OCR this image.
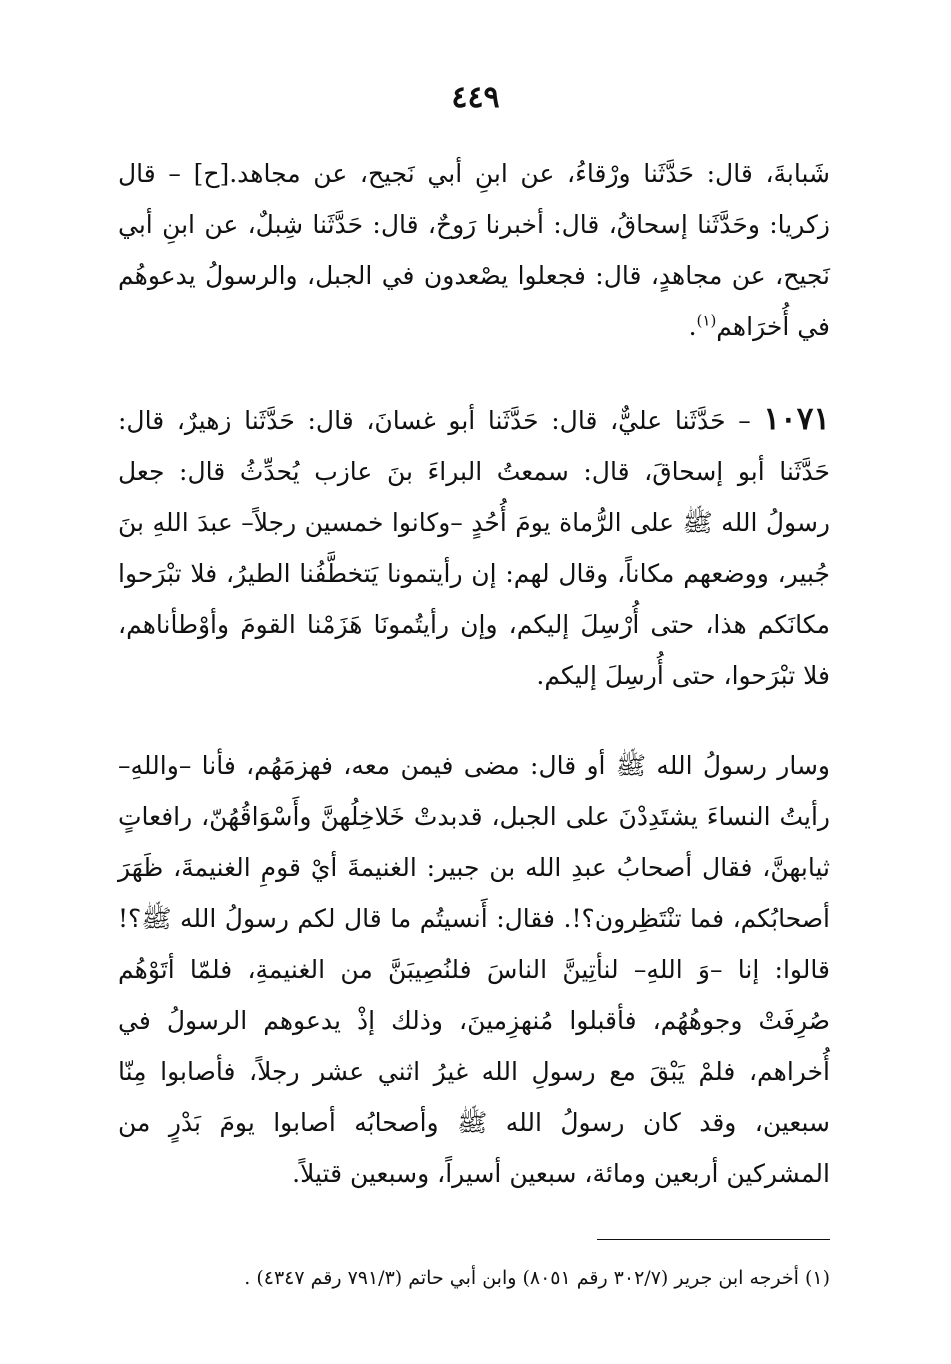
٤٤٩

شَبابةَ، قال: حَدَّثَنا ورْقاءُ، عن ابنِ أبي نَجيح، عن مجاهد.[ح] – قال زكريا: وحَدَّثَنا إسحاقُ، قال: أخبرنا رَوحٌ، قال: حَدَّثَنا شِبلٌ، عن ابنِ أبي نَجيح، عن مجاهدٍ، قال: فجعلوا يصْعدون في الجبل، والرسولُ يدعوهُم في أُخرَاهم$^{(١)}$.

١٠٧١ – حَدَّثَنا عليٌّ، قال: حَدَّثَنا أبو غسانَ، قال: حَدَّثَنا زهيرٌ، قال: حَدَّثَنا أبو إسحاقَ، قال: سمعتُ البراءَ بنَ عازب يُحدِّثُ قال: جعل رسولُ الله ﷺ على الرُّماة يومَ أُحُدٍ –وكانوا خمسين رجلاً– عبدَ اللهِ بنَ جُبير، ووضعهم مكاناً، وقال لهم: إن رأيتمونا يَتخطَّفُنا الطيرُ، فلا تبْرَحوا مكانَكم هذا، حتى أُرْسِلَ إليكم، وإن رأيتُمونَا هَزَمْنا القومَ وأوْطأناهم، فلا تبْرَحوا، حتى أُرسِلَ إليكم.

وسار رسولُ الله ﷺ أو قال: مضى فيمن معه، فهزمَهُم، فأنا –واللهِ– رأيتُ النساءَ يشتَدِدْنَ على الجبل، قدبدتْ خَلاخِلُهنَّ وأَسْوَاقُهُنّ، رافعاتٍ ثيابهنَّ، فقال أصحابُ عبدِ الله بن جبير: الغنيمةَ أيْ قومِ الغنيمةَ، ظَهَرَ أصحابُكم، فما تنْتَظِرون؟!. فقال: أَنسيتُم ما قال لكم رسولُ الله ﷺ؟! قالوا: إنا –وَ اللهِ– لنأتِينَّ الناسَ فلنُصِيبَنَّ من الغنيمةِ، فلمّا أتَوْهُم صُرِفَتْ وجوهُهُم، فأقبلوا مُنهزِمينَ، وذلك إذْ يدعوهم الرسولُ في أُخراهم، فلمْ يَبْقَ مع رسولِ الله غيرُ اثني عشر رجلاً، فأصابوا مِنّا سبعين، وقد كان رسولُ الله ﷺ وأصحابُه أصابوا يومَ بَدْرٍ من المشركين أربعين ومائة، سبعين أسيراً، وسبعين قتيلاً.

(١) أخرجه ابن جرير (٣٠٢/٧ رقم ٨٠٥١) وابن أبي حاتم (٧٩١/٣ رقم ٤٣٤٧) .
